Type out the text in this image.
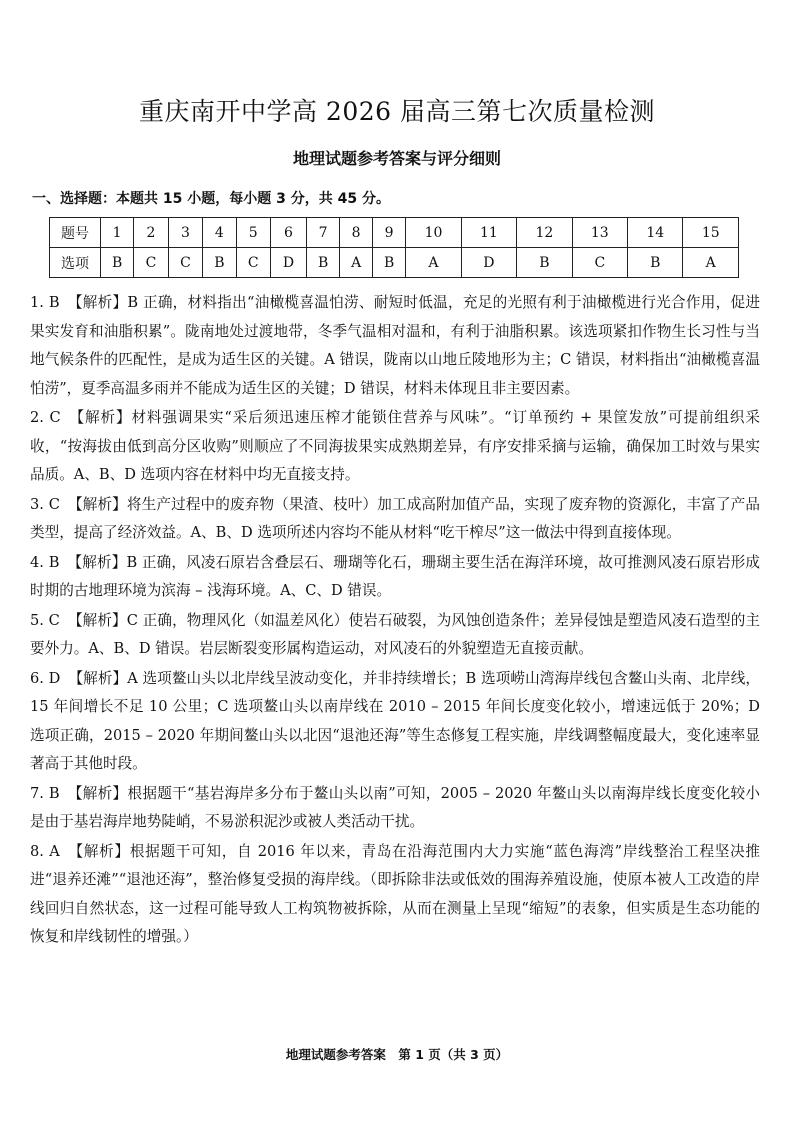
重庆南开中学高 2026 届高三第七次质量检测
地理试题参考答案与评分细则
一、选择题：本题共 15 小题，每小题 3 分，共 45 分。
题号	1	2	3	4	5	6	7	8	9	10	11	12	13	14	15
选项	B	C	C	B	C	D	B	A	B	A	D	B	C	B	A
1. B 【解析】B 正确，材料指出“油橄榄喜温怕涝、耐短时低温，充足的光照有利于油橄榄进行光合作用，促进果实发育和油脂积累”。陇南地处过渡地带，冬季气温相对温和，有利于油脂积累。该选项紧扣作物生长习性与当地气候条件的匹配性，是成为适生区的关键。A 错误，陇南以山地丘陵地形为主；C 错误，材料指出“油橄榄喜温怕涝”，夏季高温多雨并不能成为适生区的关键；D 错误，材料未体现且非主要因素。
2. C 【解析】材料强调果实“采后须迅速压榨才能锁住营养与风味”。“订单预约 + 果筐发放”可提前组织采收，“按海拔由低到高分区收购”则顺应了不同海拔果实成熟期差异，有序安排采摘与运输，确保加工时效与果实品质。A、B、D 选项内容在材料中均无直接支持。
3. C 【解析】将生产过程中的废弃物（果渣、枝叶）加工成高附加值产品，实现了废弃物的资源化，丰富了产品类型，提高了经济效益。A、B、D 选项所述内容均不能从材料“吃干榨尽”这一做法中得到直接体现。
4. B 【解析】B 正确，风凌石原岩含叠层石、珊瑚等化石，珊瑚主要生活在海洋环境，故可推测风凌石原岩形成时期的古地理环境为滨海 – 浅海环境。A、C、D 错误。
5. C 【解析】C 正确，物理风化（如温差风化）使岩石破裂，为风蚀创造条件；差异侵蚀是塑造风凌石造型的主要外力。A、B、D 错误。岩层断裂变形属构造运动，对风凌石的外貌塑造无直接贡献。
6. D 【解析】A 选项鳌山头以北岸线呈波动变化，并非持续增长；B 选项崂山湾海岸线包含鳌山头南、北岸线，15 年间增长不足 10 公里；C 选项鳌山头以南岸线在 2010 – 2015 年间长度变化较小，增速远低于 20%；D 选项正确，2015 – 2020 年期间鳌山头以北因“退池还海”等生态修复工程实施，岸线调整幅度最大，变化速率显著高于其他时段。
7. B 【解析】根据题干“基岩海岸多分布于鳌山头以南”可知，2005 – 2020 年鳌山头以南海岸线长度变化较小是由于基岩海岸地势陡峭，不易淤积泥沙或被人类活动干扰。
8. A 【解析】根据题干可知，自 2016 年以来，青岛在沿海范围内大力实施“蓝色海湾”岸线整治工程坚决推进“退养还滩”“退池还海”，整治修复受损的海岸线。（即拆除非法或低效的围海养殖设施，使原本被人工改造的岸线回归自然状态，这一过程可能导致人工构筑物被拆除，从而在测量上呈现“缩短”的表象，但实质是生态功能的恢复和岸线韧性的增强。）
地理试题参考答案　第 1 页（共 3 页）
